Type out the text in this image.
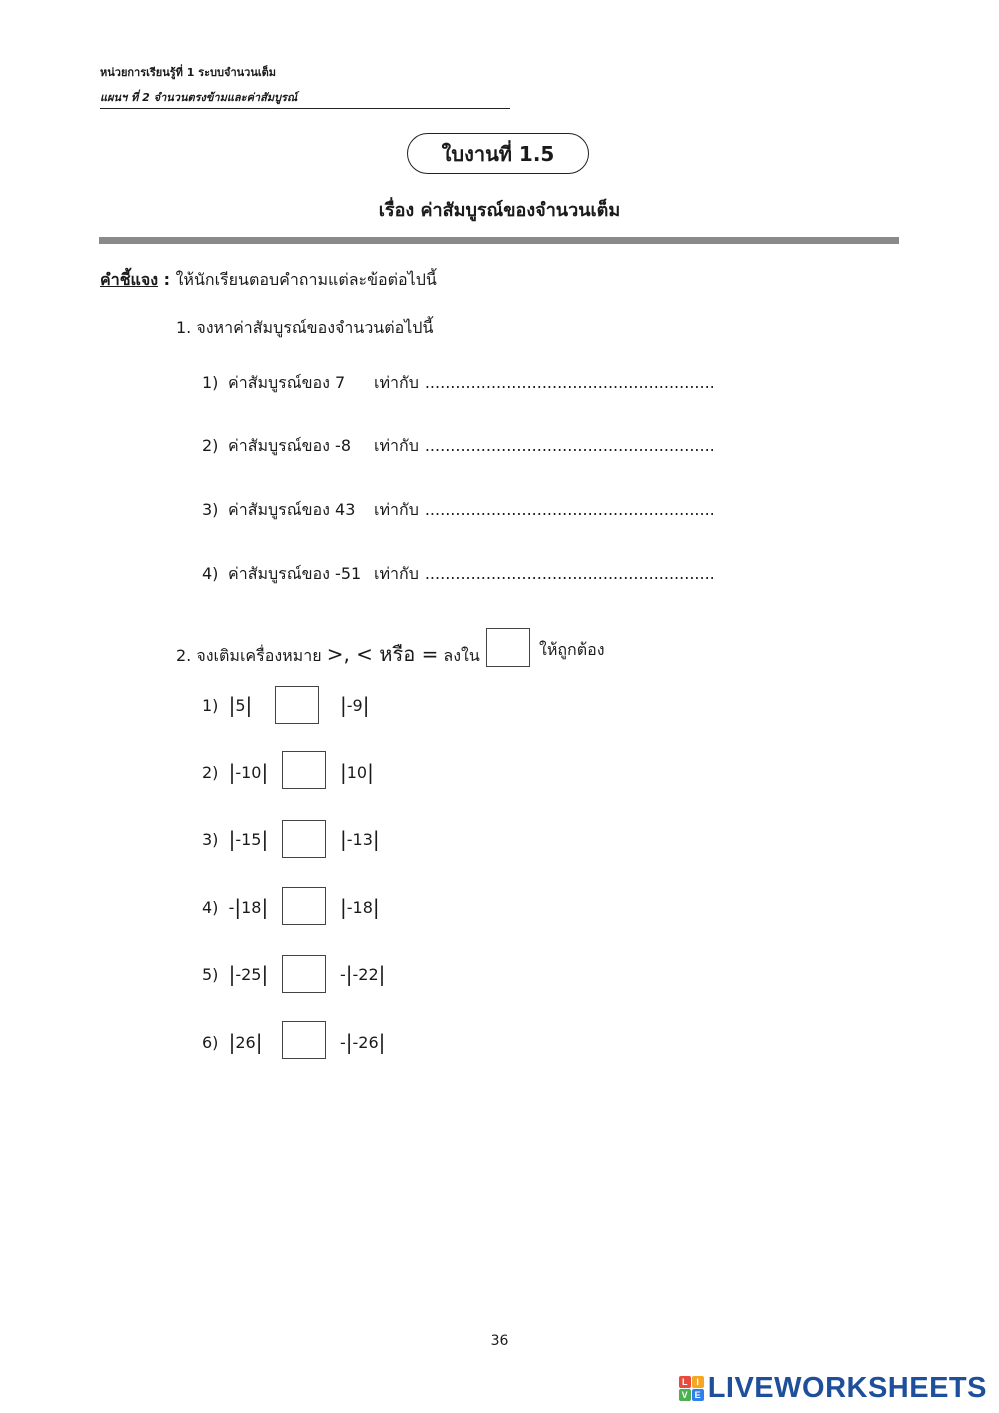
หน่วยการเรียนรู้ที่ 1 ระบบจำนวนเต็ม
แผนฯ ที่ 2 จำนวนตรงข้ามและค่าสัมบูรณ์
ใบงานที่ 1.5
เรื่อง ค่าสัมบูรณ์ของจำนวนเต็ม
คำชี้แจง : ให้นักเรียนตอบคำถามแต่ละข้อต่อไปนี้
1. จงหาค่าสัมบูรณ์ของจำนวนต่อไปนี้
1) ค่าสัมบูรณ์ของ 7 เท่ากับ .........................................................
2) ค่าสัมบูรณ์ของ -8 เท่ากับ .........................................................
3) ค่าสัมบูรณ์ของ 43 เท่ากับ .........................................................
4) ค่าสัมบูรณ์ของ -51 เท่ากับ .........................................................
2. จงเติมเครื่องหมาย >, < หรือ = ลงใน	ให้ถูกต้อง
1) |5|	|-9|
2) |-10|	|10|
3) |-15|	|-13|
4) -|18|	|-18|
5) |-25|	-|-22|
6) |26|	-|-26|
36
L I
V E LIVEWORKSHEETS
